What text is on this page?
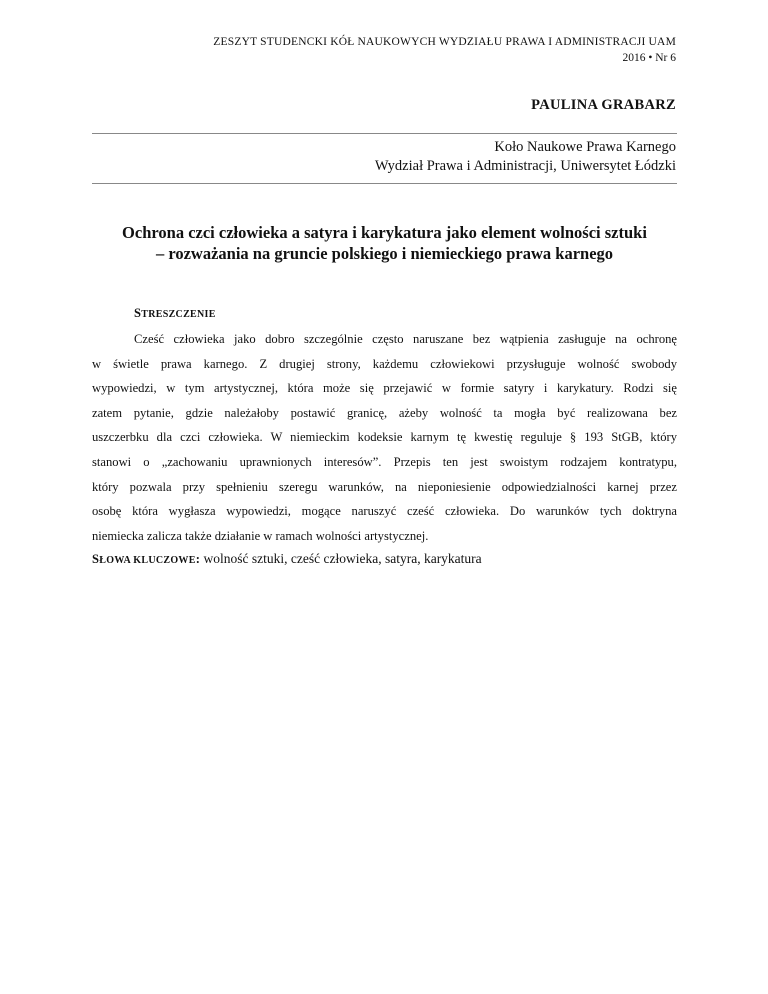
ZESZYT STUDENCKI KÓŁ NAUKOWYCH WYDZIAŁU PRAWA I ADMINISTRACJI UAM
2016 • Nr 6
PAULINA GRABARZ
Koło Naukowe Prawa Karnego
Wydział Prawa i Administracji, Uniwersytet Łódzki
Ochrona czci człowieka a satyra i karykatura jako element wolności sztuki
– rozważania na gruncie polskiego i niemieckiego prawa karnego
STRESZCZENIE
Cześć człowieka jako dobro szczególnie często naruszane bez wątpienia zasługuje na ochronę
w świetle prawa karnego. Z drugiej strony, każdemu człowiekowi przysługuje wolność swobody
wypowiedzi, w tym artystycznej, która może się przejawić w formie satyry i karykatury. Rodzi się
zatem pytanie, gdzie należałoby postawić granicę, ażeby wolność ta mogła być realizowana bez
uszczerbku dla czci człowieka. W niemieckim kodeksie karnym tę kwestię reguluje § 193 StGB, który
stanowi o „zachowaniu uprawnionych interesów”. Przepis ten jest swoistym rodzajem kontratypu,
który pozwala przy spełnieniu szeregu warunków, na nieponiesienie odpowiedzialności karnej przez
osobę która wygłasza wypowiedzi, mogące naruszyć cześć człowieka. Do warunków tych doktryna
niemiecka zalicza także działanie w ramach wolności artystycznej.
SŁOWA KLUCZOWE: wolność sztuki, cześć człowieka, satyra, karykatura
